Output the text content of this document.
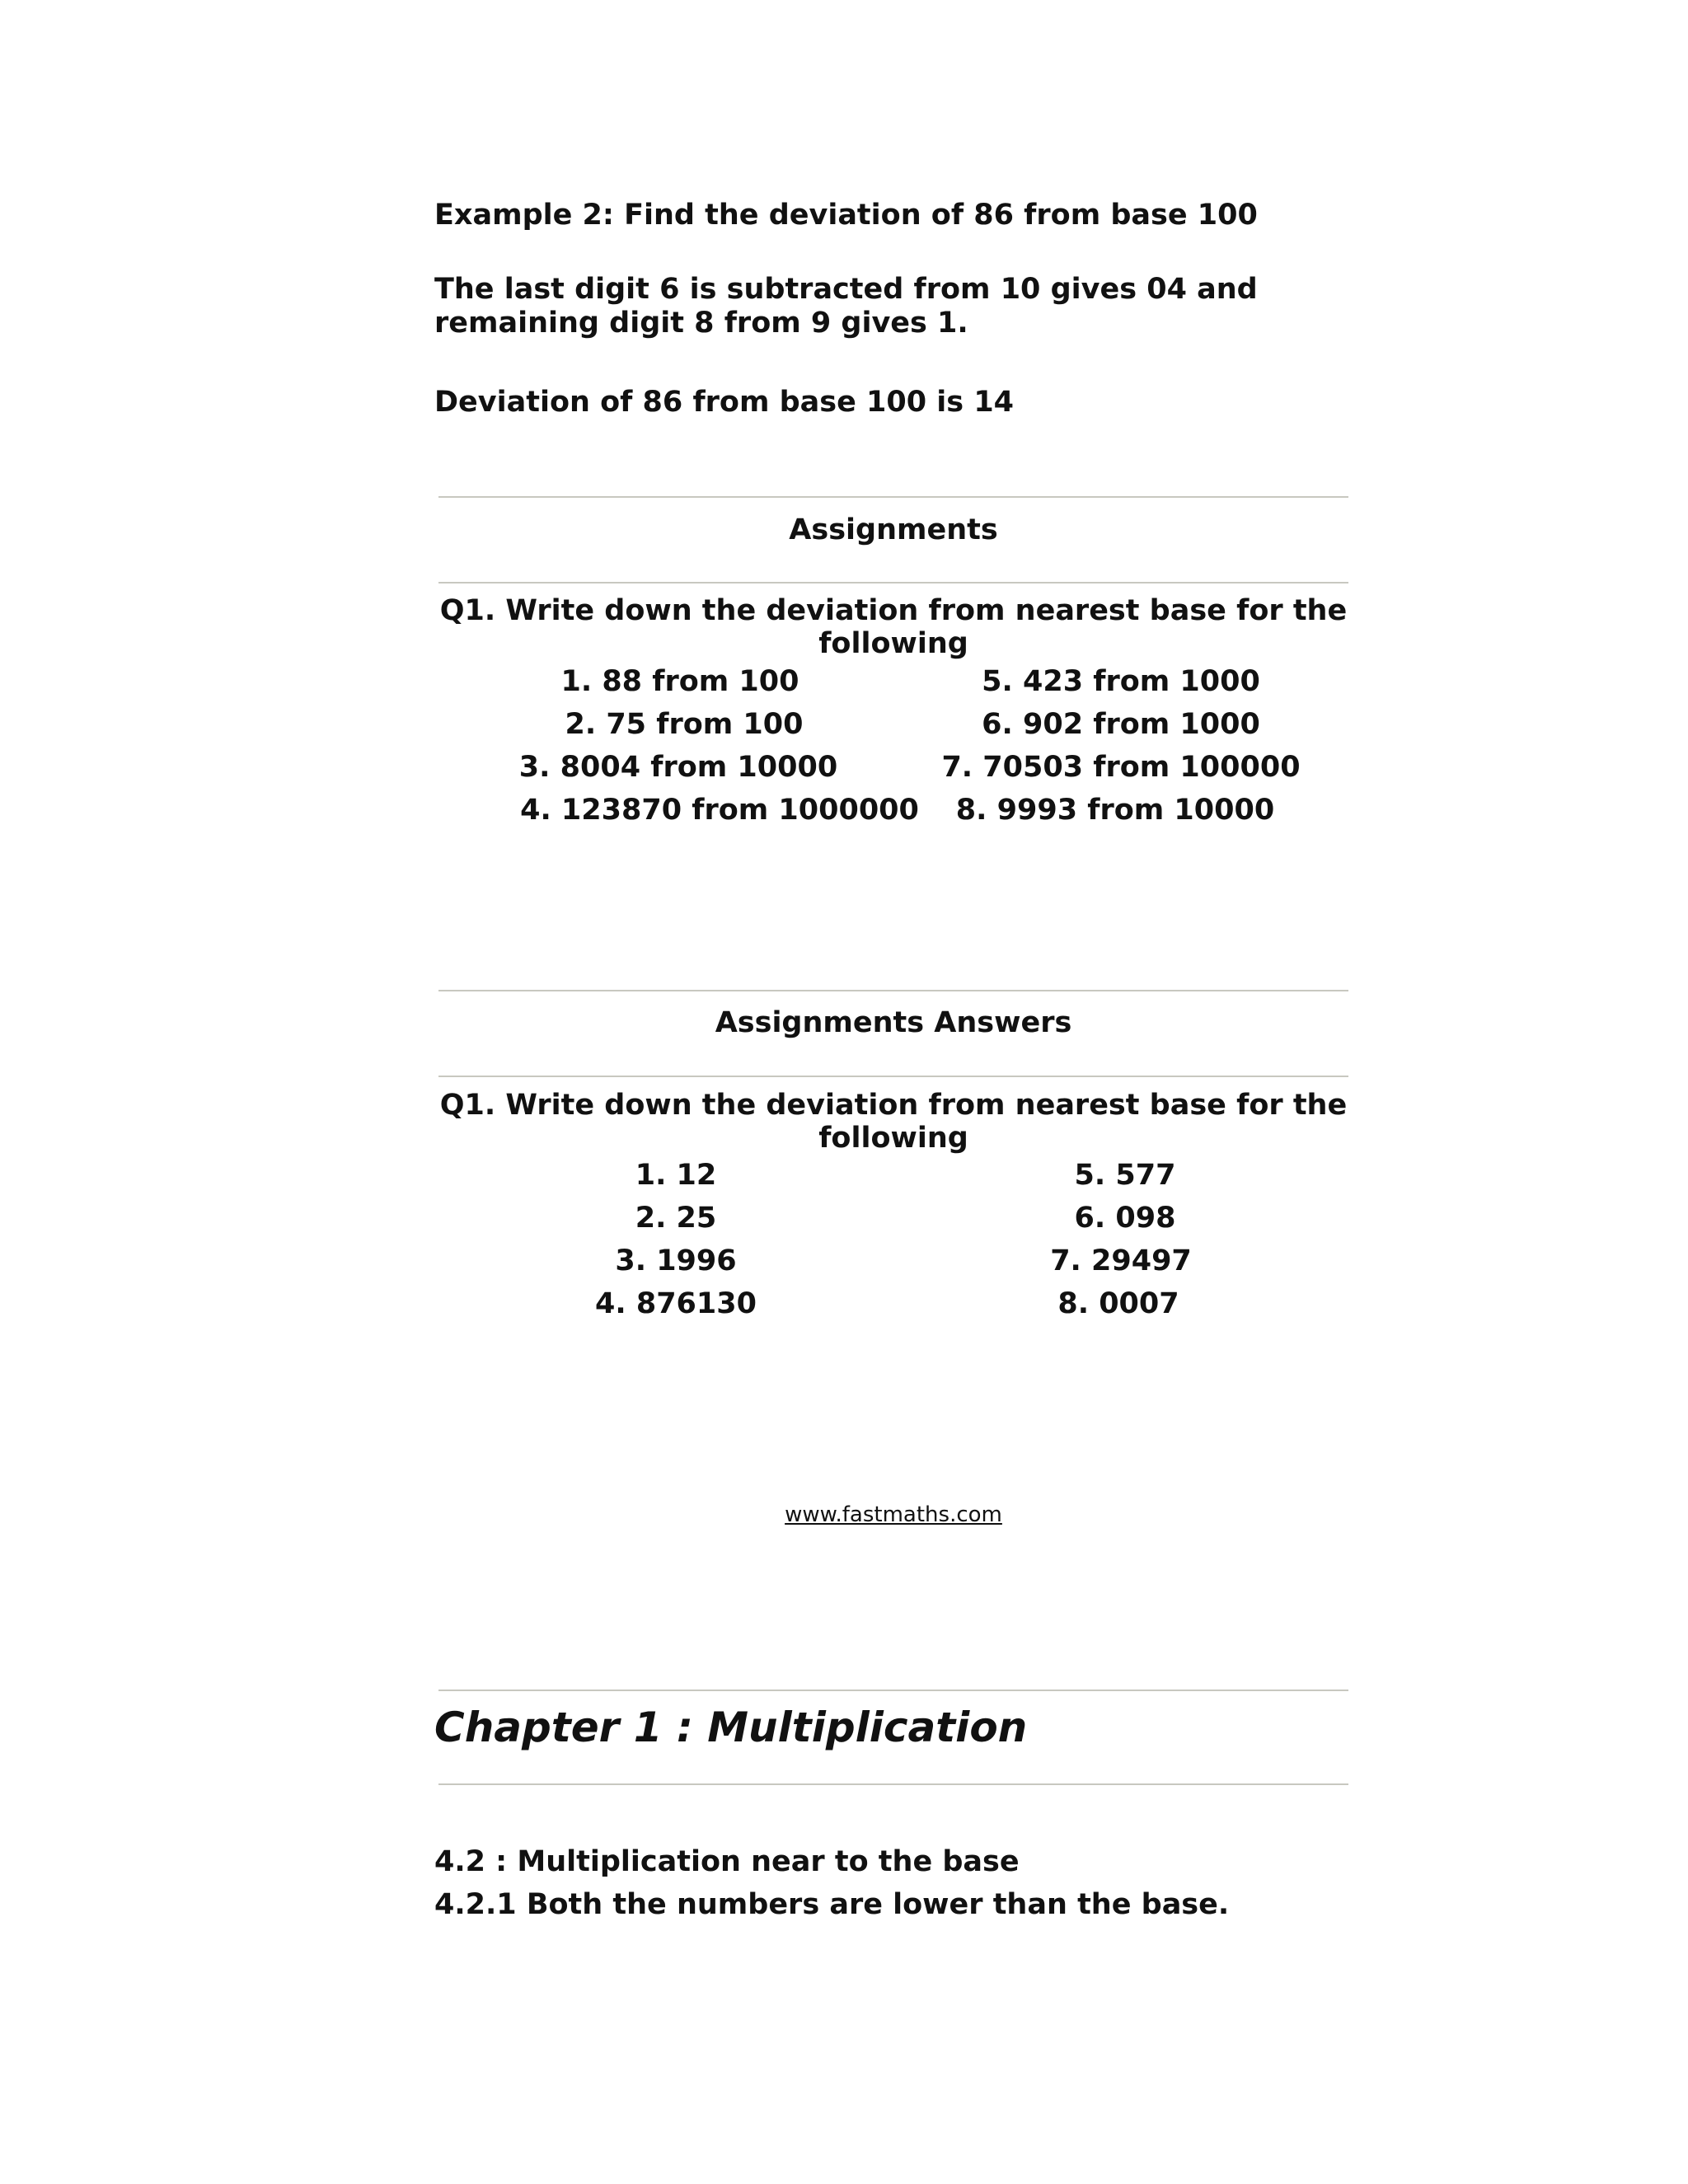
Example 2: Find the deviation of 86 from base 100
The last digit 6 is subtracted from 10 gives 04 and
remaining digit 8 from 9 gives 1.
Deviation of 86 from base 100 is 14
Assignments
Q1. Write down the deviation from nearest base for the
following
1. 88 from 100
2. 75 from 100
3. 8004 from 10000
4. 123870 from 1000000
5. 423 from 1000
6. 902 from 1000
7. 70503 from 100000
8. 9993 from 10000
Assignments Answers
Q1. Write down the deviation from nearest base for the
following
1. 12
2. 25
3. 1996
4. 876130
5. 577
6. 098
7. 29497
8. 0007
www.fastmaths.com
Chapter 1 : Multiplication
4.2 : Multiplication near to the base
4.2.1 Both the numbers are lower than the base.
